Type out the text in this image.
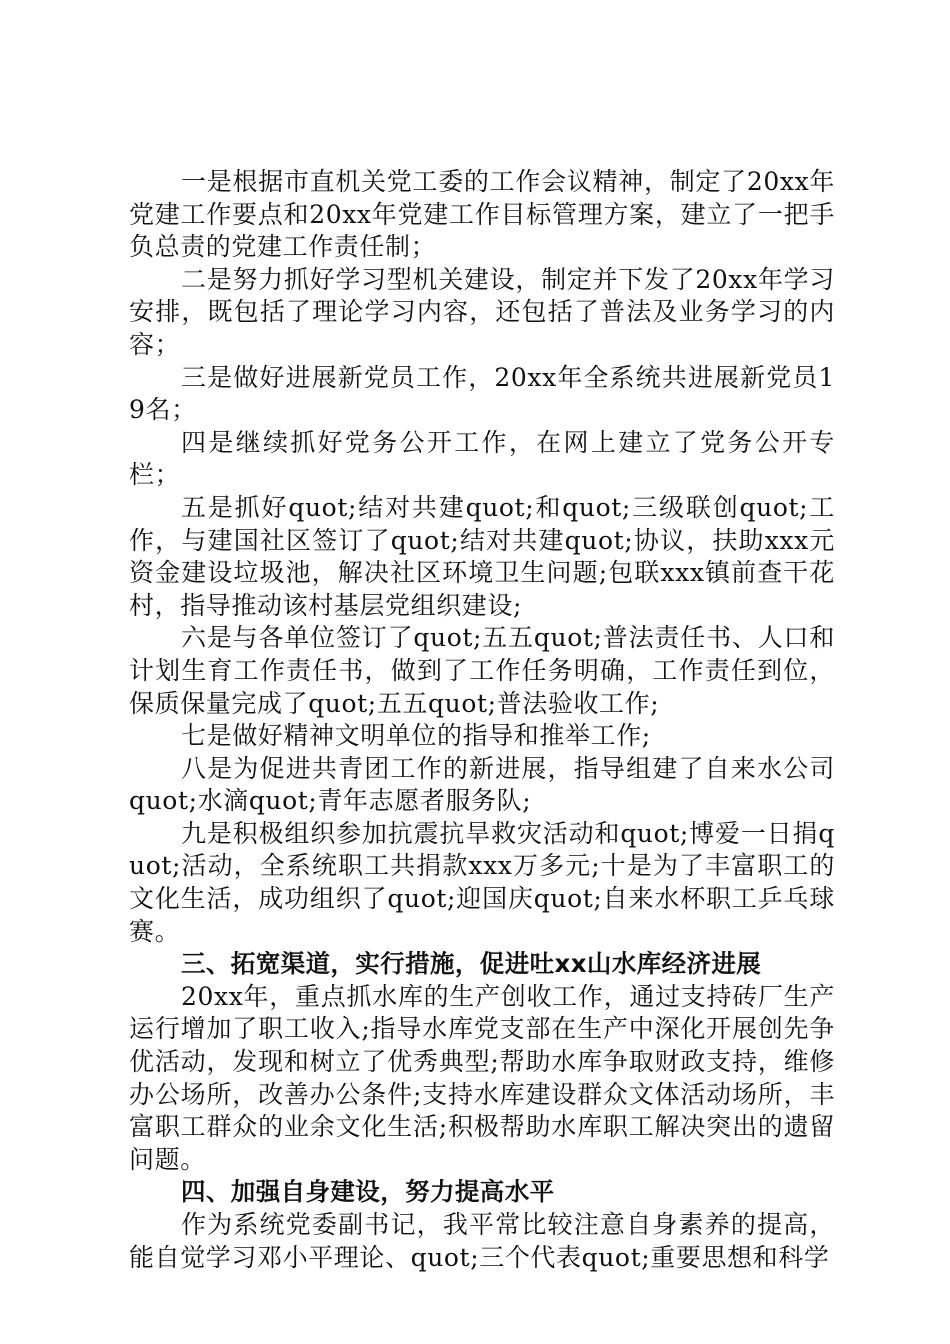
一是根据市直机关党工委的工作会议精神，制定了20xx年党建工作要点和20xx年党建工作目标管理方案，建立了一把手负总责的党建工作责任制；

二是努力抓好学习型机关建设，制定并下发了20xx年学习安排，既包括了理论学习内容，还包括了普法及业务学习的内容；

三是做好进展新党员工作，20xx年全系统共进展新党员19名；

四是继续抓好党务公开工作，在网上建立了党务公开专栏；

五是抓好quot;结对共建quot;和quot;三级联创quot;工作，与建国社区签订了quot;结对共建quot;协议，扶助xxx元资金建设垃圾池，解决社区环境卫生问题;包联xxx镇前查干花村，指导推动该村基层党组织建设;

六是与各单位签订了quot;五五quot;普法责任书、人口和计划生育工作责任书，做到了工作任务明确，工作责任到位，保质保量完成了quot;五五quot;普法验收工作;

七是做好精神文明单位的指导和推举工作;

八是为促进共青团工作的新进展，指导组建了自来水公司quot;水滴quot;青年志愿者服务队;

九是积极组织参加抗震抗旱救灾活动和quot;博爱一日捐quot;活动，全系统职工共捐款xxx万多元;十是为了丰富职工的文化生活，成功组织了quot;迎国庆quot;自来水杯职工乒乓球赛。

三、拓宽渠道，实行措施，促进吐xx山水库经济进展

20xx年，重点抓水库的生产创收工作，通过支持砖厂生产运行增加了职工收入;指导水库党支部在生产中深化开展创先争优活动，发现和树立了优秀典型;帮助水库争取财政支持，维修办公场所，改善办公条件;支持水库建设群众文体活动场所，丰富职工群众的业余文化生活;积极帮助水库职工解决突出的遗留问题。

四、加强自身建设，努力提高水平

作为系统党委副书记，我平常比较注意自身素养的提高，能自觉学习邓小平理论、quot;三个代表quot;重要思想和科学
